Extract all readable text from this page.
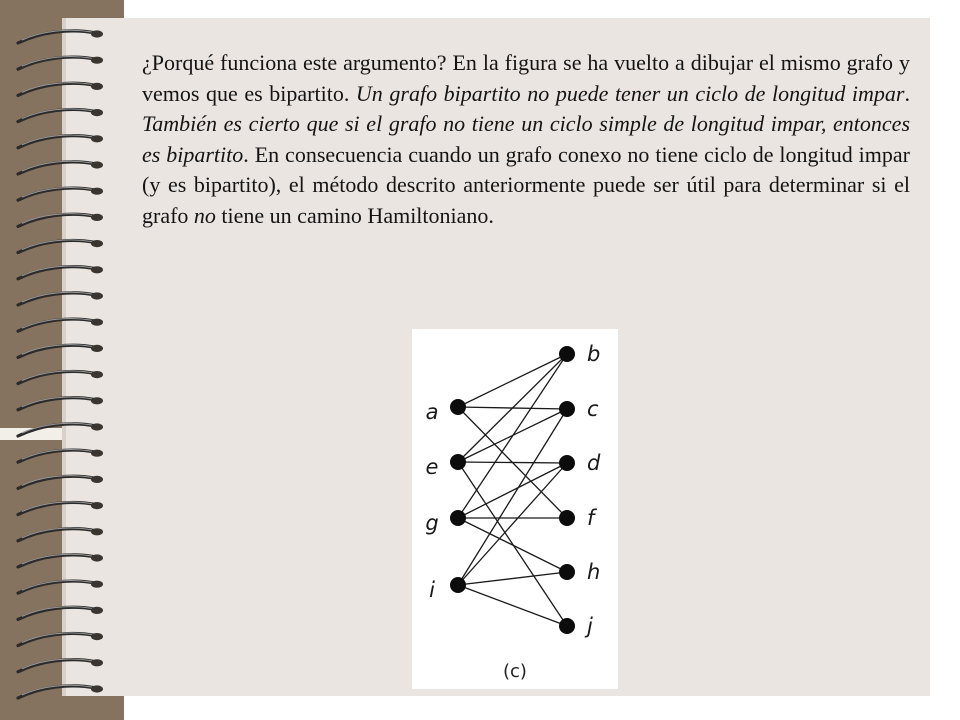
¿Porqué funciona este argumento? En la figura se ha vuelto a dibujar el mismo grafo y vemos que es bipartito. Un grafo bipartito no puede tener un ciclo de longitud impar. También es cierto que si el grafo no tiene un ciclo simple de longitud impar, entonces es bipartito. En consecuencia cuando un grafo conexo no tiene ciclo de longitud impar (y es bipartito), el método descrito anteriormente puede ser útil para determinar si el grafo no tiene un camino Hamiltoniano.

a
e
g
i
b
c
d
f
h
j
(c)
